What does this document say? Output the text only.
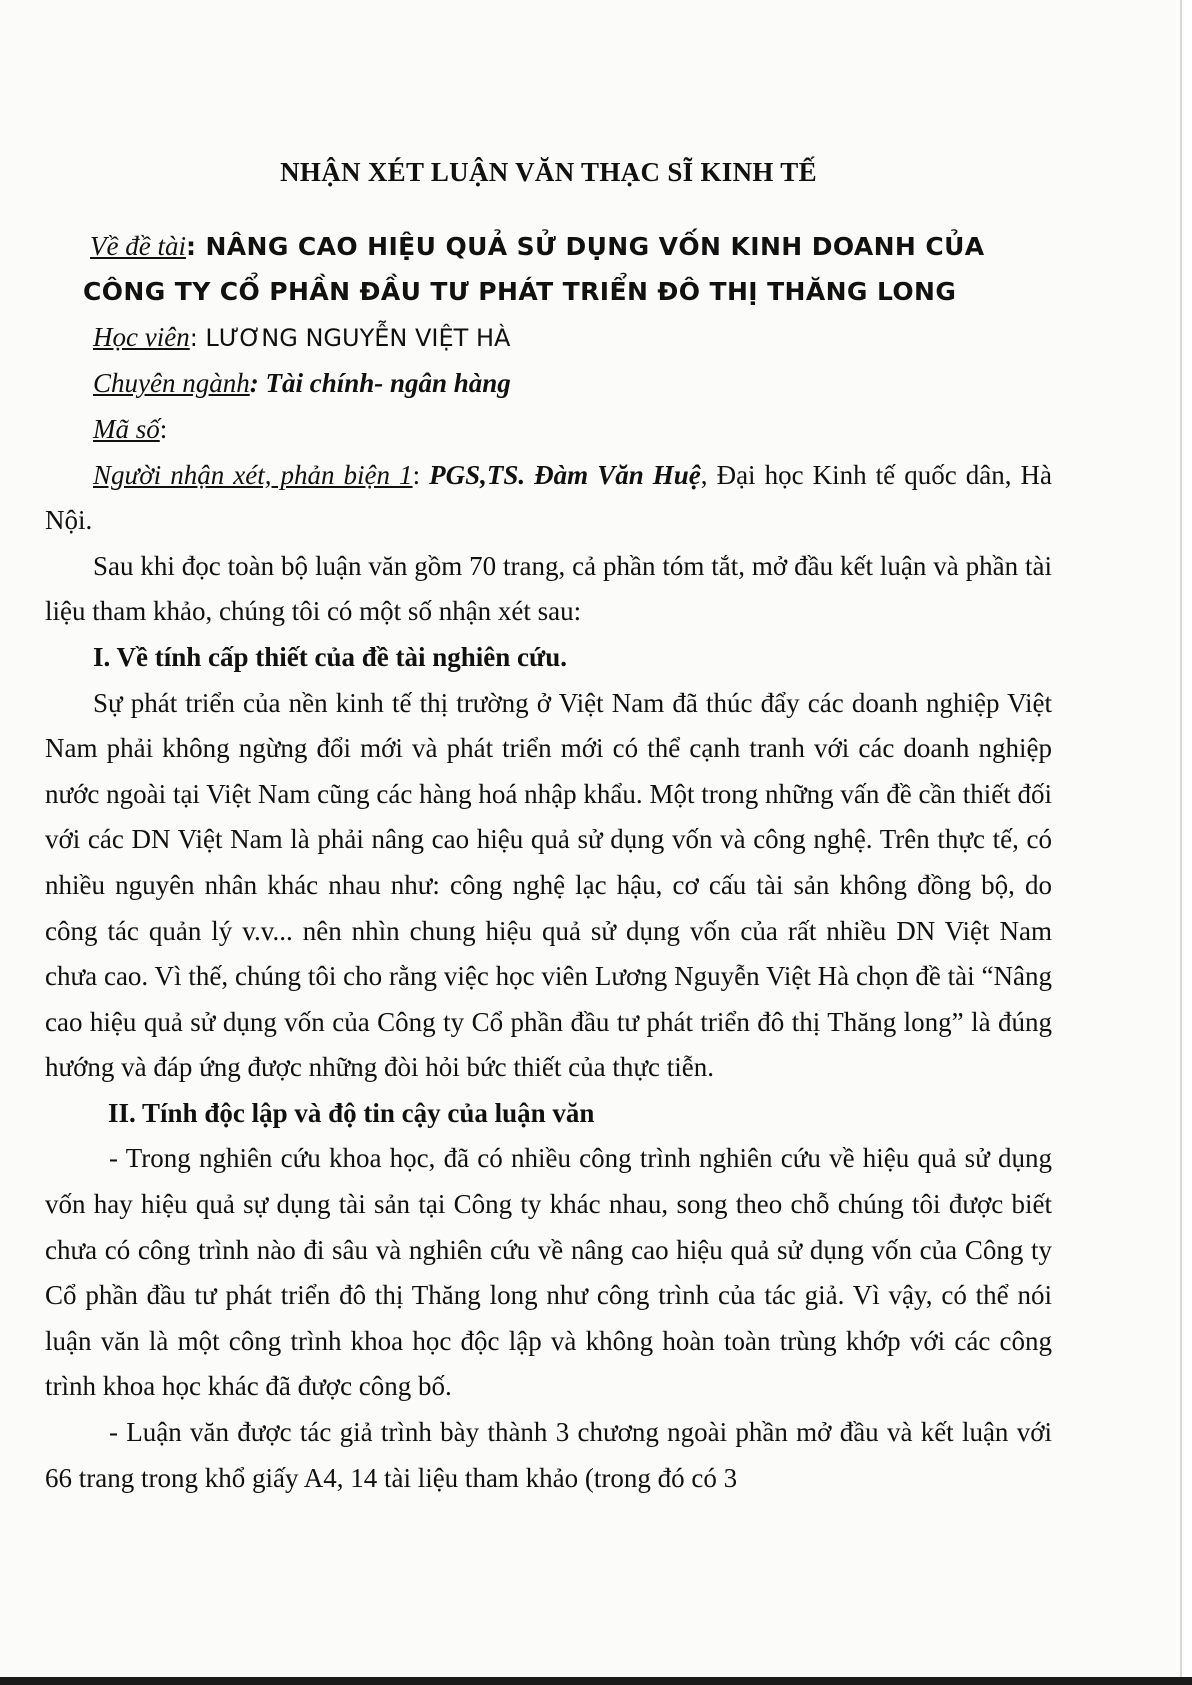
NHẬN XÉT LUẬN VĂN THẠC SĨ KINH TẾ

Về đề tài: NÂNG CAO HIỆU QUẢ SỬ DỤNG VỐN KINH DOANH CỦA

CÔNG TY CỔ PHẦN ĐẦU TƯ PHÁT TRIỂN ĐÔ THỊ THĂNG LONG

Học viên: LƯƠNG NGUYỄN VIỆT HÀ

Chuyên ngành: Tài chính- ngân hàng

Mã số:

Người nhận xét, phản biện 1: PGS,TS. Đàm Văn Huệ, Đại học Kinh tế quốc dân, Hà Nội.

Sau khi đọc toàn bộ luận văn gồm 70 trang, cả phần tóm tắt, mở đầu kết luận và phần tài liệu tham khảo, chúng tôi có một số nhận xét sau:

I. Về tính cấp thiết của đề tài nghiên cứu.

Sự phát triển của nền kinh tế thị trường ở Việt Nam đã thúc đẩy các doanh nghiệp Việt Nam phải không ngừng đổi mới và phát triển mới có thể cạnh tranh với các doanh nghiệp nước ngoài tại Việt Nam cũng các hàng hoá nhập khẩu. Một trong những vấn đề cần thiết đối với các DN Việt Nam là phải nâng cao hiệu quả sử dụng vốn và công nghệ. Trên thực tế, có nhiều nguyên nhân khác nhau như: công nghệ lạc hậu, cơ cấu tài sản không đồng bộ, do công tác quản lý v.v... nên nhìn chung hiệu quả sử dụng vốn của rất nhiều DN Việt Nam chưa cao. Vì thế, chúng tôi cho rằng việc học viên Lương Nguyễn Việt Hà chọn đề tài “Nâng cao hiệu quả sử dụng vốn của Công ty Cổ phần đầu tư phát triển đô thị Thăng long” là đúng hướng và đáp ứng được những đòi hỏi bức thiết của thực tiễn.

II. Tính độc lập và độ tin cậy của luận văn

- Trong nghiên cứu khoa học, đã có nhiều công trình nghiên cứu về hiệu quả sử dụng vốn hay hiệu quả sự dụng tài sản tại Công ty khác nhau, song theo chỗ chúng tôi được biết chưa có công trình nào đi sâu và nghiên cứu về nâng cao hiệu quả sử dụng vốn của Công ty Cổ phần đầu tư phát triển đô thị Thăng long như công trình của tác giả. Vì vậy, có thể nói luận văn là một công trình khoa học độc lập và không hoàn toàn trùng khớp với các công trình khoa học khác đã được công bố.

- Luận văn được tác giả trình bày thành 3 chương ngoài phần mở đầu và kết luận với 66 trang trong khổ giấy A4, 14 tài liệu tham khảo (trong đó có 3
